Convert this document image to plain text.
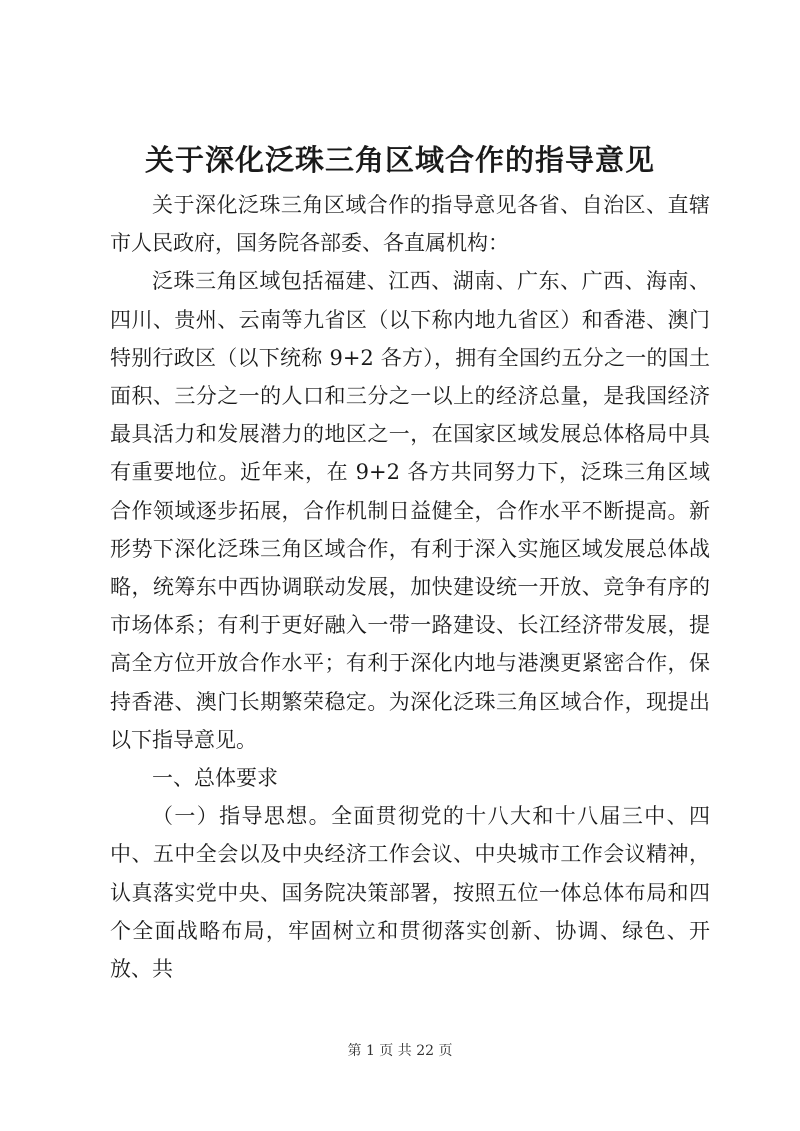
关于深化泛珠三角区域合作的指导意见

关于深化泛珠三角区域合作的指导意见各省、自治区、直辖市人民政府，国务院各部委、各直属机构：

泛珠三角区域包括福建、江西、湖南、广东、广西、海南、四川、贵州、云南等九省区（以下称内地九省区）和香港、澳门特别行政区（以下统称 9+2 各方），拥有全国约五分之一的国土面积、三分之一的人口和三分之一以上的经济总量，是我国经济最具活力和发展潜力的地区之一，在国家区域发展总体格局中具有重要地位。近年来，在 9+2 各方共同努力下，泛珠三角区域合作领域逐步拓展，合作机制日益健全，合作水平不断提高。新形势下深化泛珠三角区域合作，有利于深入实施区域发展总体战略，统筹东中西协调联动发展，加快建设统一开放、竞争有序的市场体系；有利于更好融入一带一路建设、长江经济带发展，提高全方位开放合作水平；有利于深化内地与港澳更紧密合作，保持香港、澳门长期繁荣稳定。为深化泛珠三角区域合作，现提出以下指导意见。

一、总体要求

（一）指导思想。全面贯彻党的十八大和十八届三中、四中、五中全会以及中央经济工作会议、中央城市工作会议精神，认真落实党中央、国务院决策部署，按照五位一体总体布局和四个全面战略布局，牢固树立和贯彻落实创新、协调、绿色、开放、共

第 1 页 共 22 页
